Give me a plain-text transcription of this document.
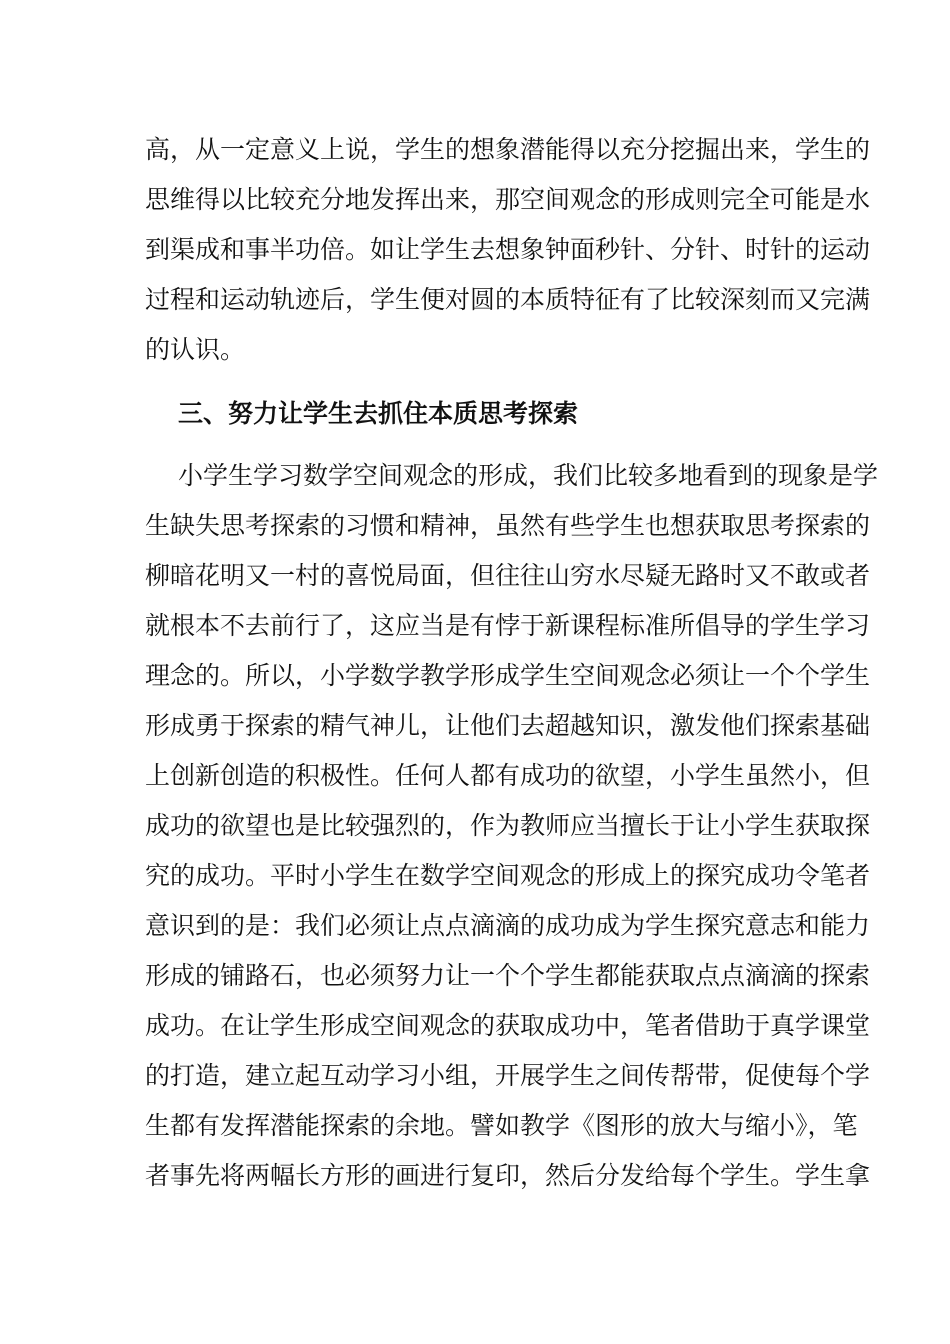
高，从一定意义上说，学生的想象潜能得以充分挖掘出来，学生的
思维得以比较充分地发挥出来，那空间观念的形成则完全可能是水
到渠成和事半功倍。如让学生去想象钟面秒针、分针、时针的运动
过程和运动轨迹后，学生便对圆的本质特征有了比较深刻而又完满
的认识。
三、努力让学生去抓住本质思考探索
小学生学习数学空间观念的形成，我们比较多地看到的现象是学
生缺失思考探索的习惯和精神，虽然有些学生也想获取思考探索的
柳暗花明又一村的喜悦局面，但往往山穷水尽疑无路时又不敢或者
就根本不去前行了，这应当是有悖于新课程标准所倡导的学生学习
理念的。所以，小学数学教学形成学生空间观念必须让一个个学生
形成勇于探索的精气神儿，让他们去超越知识，激发他们探索基础
上创新创造的积极性。任何人都有成功的欲望，小学生虽然小，但
成功的欲望也是比较强烈的，作为教师应当擅长于让小学生获取探
究的成功。平时小学生在数学空间观念的形成上的探究成功令笔者
意识到的是：我们必须让点点滴滴的成功成为学生探究意志和能力
形成的铺路石，也必须努力让一个个学生都能获取点点滴滴的探索
成功。在让学生形成空间观念的获取成功中，笔者借助于真学课堂
的打造，建立起互动学习小组，开展学生之间传帮带，促使每个学
生都有发挥潜能探索的余地。譬如教学《图形的放大与缩小》，笔
者事先将两幅长方形的画进行复印，然后分发给每个学生。学生拿
